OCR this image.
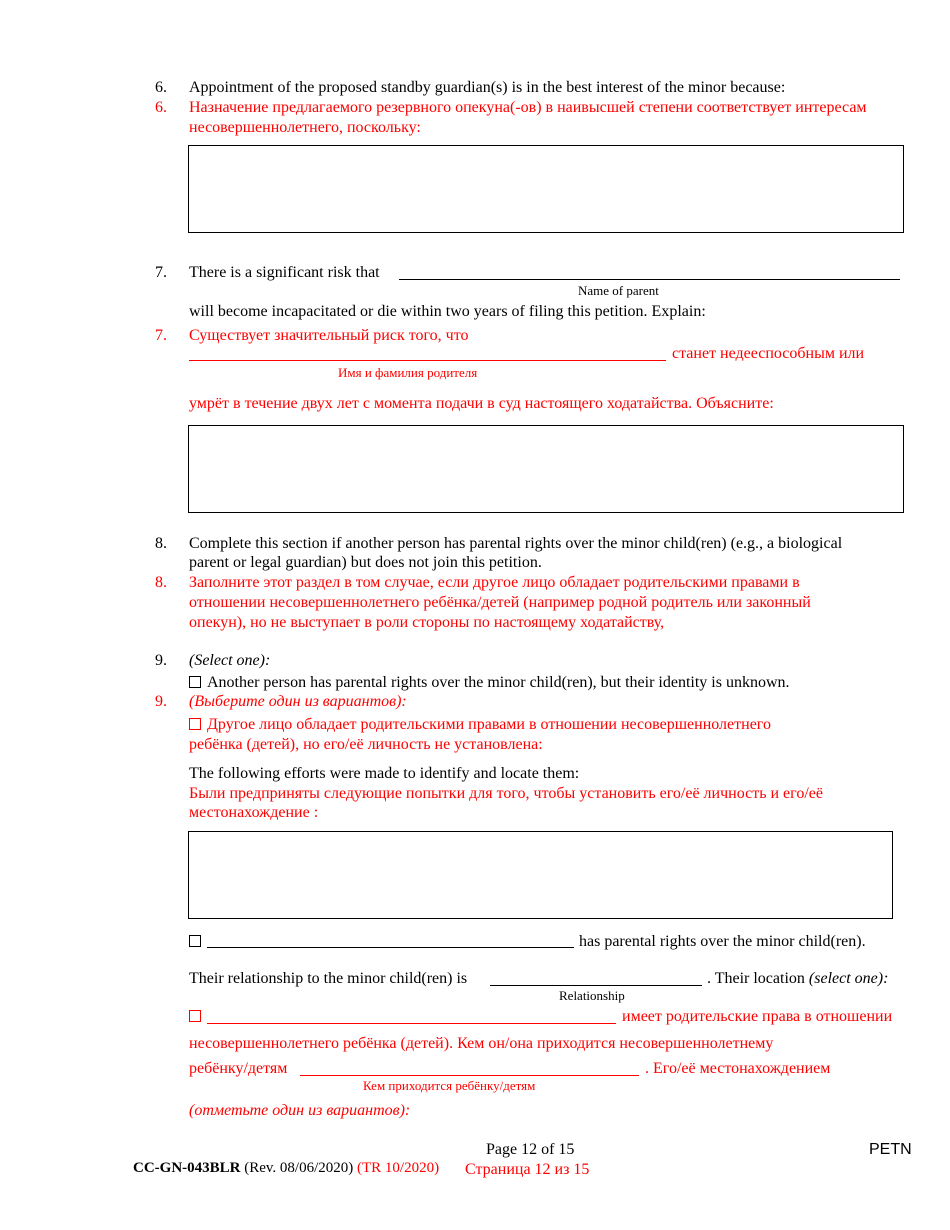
6. Appointment of the proposed standby guardian(s) is in the best interest of the minor because:
6. Назначение предлагаемого резервного опекуна(-ов) в наивысшей степени соответствует интересам
несовершеннолетнего, поскольку:
7. There is a significant risk that
Name of parent
will become incapacitated or die within two years of filing this petition. Explain:
7. Существует значительный риск того, что
станет недееспособным или
Имя и фамилия родителя
умрёт в течение двух лет с момента подачи в суд настоящего ходатайства. Объясните:
8. Complete this section if another person has parental rights over the minor child(ren) (e.g., a biological
parent or legal guardian) but does not join this petition.
8. Заполните этот раздел в том случае, если другое лицо обладает родительскими правами в
отношении несовершеннолетнего ребёнка/детей (например родной родитель или законный
опекун), но не выступает в роли стороны по настоящему ходатайству,
9. (Select one):
Another person has parental rights over the minor child(ren), but their identity is unknown.
9. (Выберите один из вариантов):
Другое лицо обладает родительскими правами в отношении несовершеннолетнего
ребёнка (детей), но его/её личность не установлена:
The following efforts were made to identify and locate them:
Были предприняты следующие попытки для того, чтобы установить его/её личность и его/её
местонахождение :
has parental rights over the minor child(ren).
Their relationship to the minor child(ren) is
Relationship
. Their location (select one):
имеет родительские права в отношении
несовершеннолетнего ребёнка (детей). Кем он/она приходится несовершеннолетнему
ребёнку/детям	. Его/её местонахождением
Кем приходится ребёнку/детям
(отметьте один из вариантов):
Page 12 of 15	PETN
CC-GN-043BLR (Rev. 08/06/2020) (TR 10/2020) Страница 12 из 15
